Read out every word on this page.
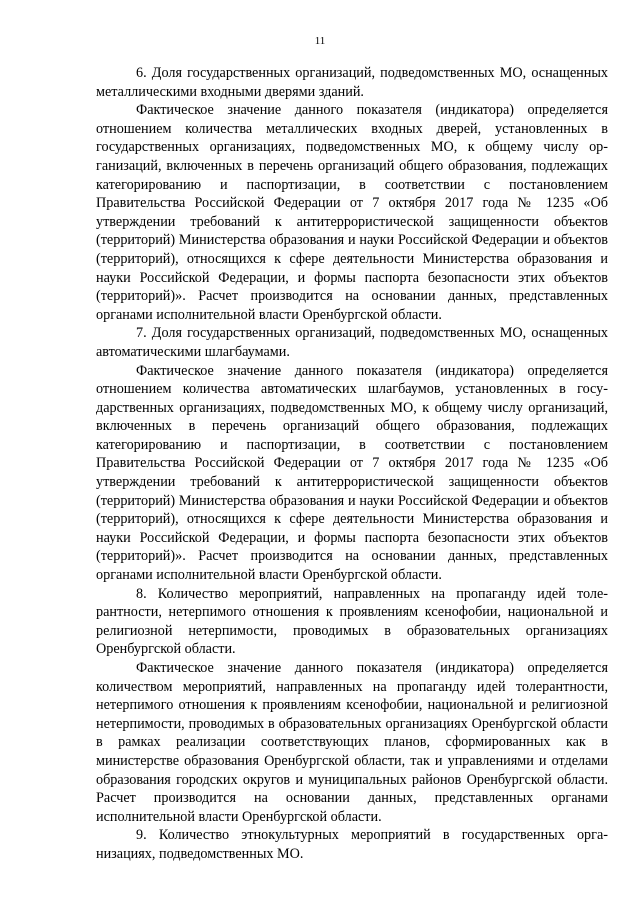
11

6. Доля государственных организаций, подведомственных МО, оснащенных металлическими входными дверями зданий.

Фактическое значение данного показателя (индикатора) определяется отношением количества металлических входных дверей, установленных в государственных организациях, подведомственных МО, к общему числу организаций, включенных в перечень организаций общего образования, подлежащих категорированию и паспортизации, в соответствии с постановлением Правительства Российской Федерации от 7 октября 2017 года № 1235 «Об утверждении требований к антитеррористической защищенности объектов (территорий) Министерства образования и науки Российской Федерации и объектов (территорий), относящихся к сфере деятельности Министерства образования и науки Российской Федерации, и формы паспорта безопасности этих объектов (территорий)». Расчет производится на основании данных, представленных органами исполнительной власти Оренбургской области.

7. Доля государственных организаций, подведомственных МО, оснащенных автоматическими шлагбаумами.

Фактическое значение данного показателя (индикатора) определяется отношением количества автоматических шлагбаумов, установленных в государственных организациях, подведомственных МО, к общему числу организаций, включенных в перечень организаций общего образования, подлежащих категорированию и паспортизации, в соответствии с постановлением Правительства Российской Федерации от 7 октября 2017 года № 1235 «Об утверждении требований к антитеррористической защищенности объектов (территорий) Министерства образования и науки Российской Федерации и объектов (территорий), относящихся к сфере деятельности Министерства образования и науки Российской Федерации, и формы паспорта безопасности этих объектов (территорий)». Расчет производится на основании данных, представленных органами исполнительной власти Оренбургской области.

8. Количество мероприятий, направленных на пропаганду идей толерантности, нетерпимого отношения к проявлениям ксенофобии, национальной и религиозной нетерпимости, проводимых в образовательных организациях Оренбургской области.

Фактическое значение данного показателя (индикатора) определяется количеством мероприятий, направленных на пропаганду идей толерантности, нетерпимого отношения к проявлениям ксенофобии, национальной и религиозной нетерпимости, проводимых в образовательных организациях Оренбургской области в рамках реализации соответствующих планов, сформированных как в министерстве образования Оренбургской области, так и управлениями и отделами образования городских округов и муниципальных районов Оренбургской области. Расчет производится на основании данных, представленных органами исполнительной власти Оренбургской области.

9. Количество этнокультурных мероприятий в государственных организациях, подведомственных МО.
